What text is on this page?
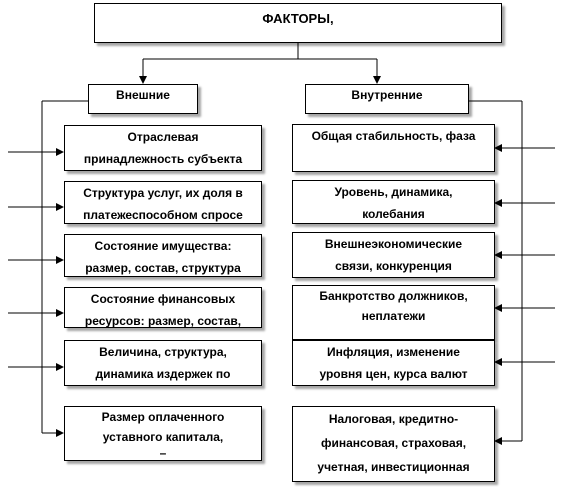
ФАКТОРЫ,
Внешние	Внутренние
Отраслевая
принадлежность субъекта
Структура услуг, их доля в
платежеспособном спросе
Состояние имущества:
размер, состав, структура
Состояние финансовых
ресурсов: размер, состав,
Величина, структура,
динамика издержек по
Размер оплаченного
уставного капитала,
–
Общая стабильность, фаза
Уровень, динамика,
колебания
Внешнеэкономические
связи, конкуренция
Банкротство должников,
неплатежи
Инфляция, изменение
уровня цен, курса валют
Налоговая, кредитно-
финансовая, страховая,
учетная, инвестиционная
